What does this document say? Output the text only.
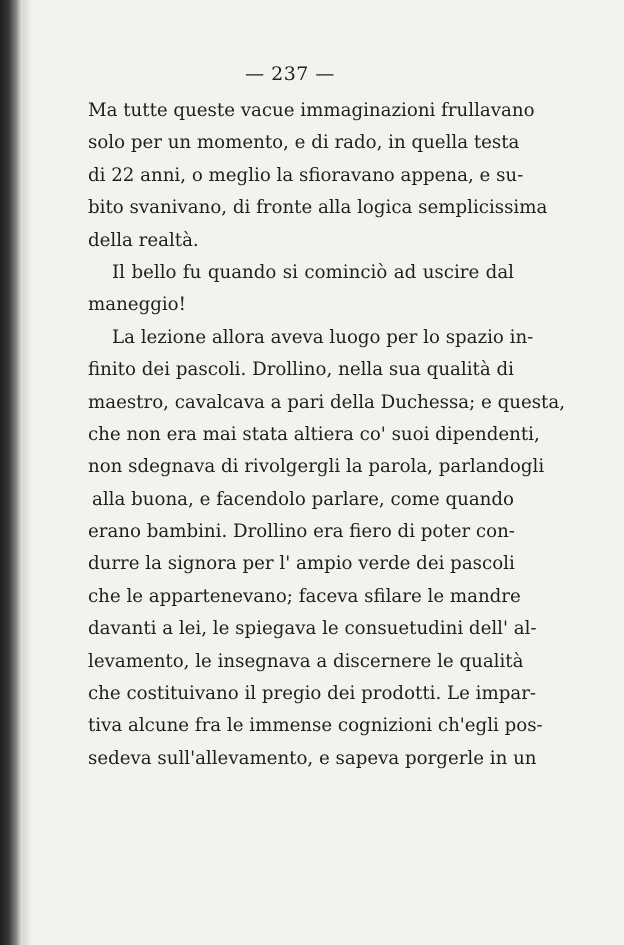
— 237 —
Ma tutte queste vacue immaginazioni frullavano
solo per un momento, e di rado, in quella testa
di 22 anni, o meglio la sfioravano appena, e su-
bito svanivano, di fronte alla logica semplicissima
della realtà.
Il bello fu quando si cominciò ad uscire dal
maneggio!
La lezione allora aveva luogo per lo spazio in-
finito dei pascoli. Drollino, nella sua qualità di
maestro, cavalcava a pari della Duchessa; e questa,
che non era mai stata altiera co' suoi dipendenti,
non sdegnava di rivolgergli la parola, parlandogli
alla buona, e facendolo parlare, come quando
erano bambini. Drollino era fiero di poter con-
durre la signora per l' ampio verde dei pascoli
che le appartenevano; faceva sfilare le mandre
davanti a lei, le spiegava le consuetudini dell' al-
levamento, le insegnava a discernere le qualità
che costituivano il pregio dei prodotti. Le impar-
tiva alcune fra le immense cognizioni ch'egli pos-
sedeva sull'allevamento, e sapeva porgerle in un
